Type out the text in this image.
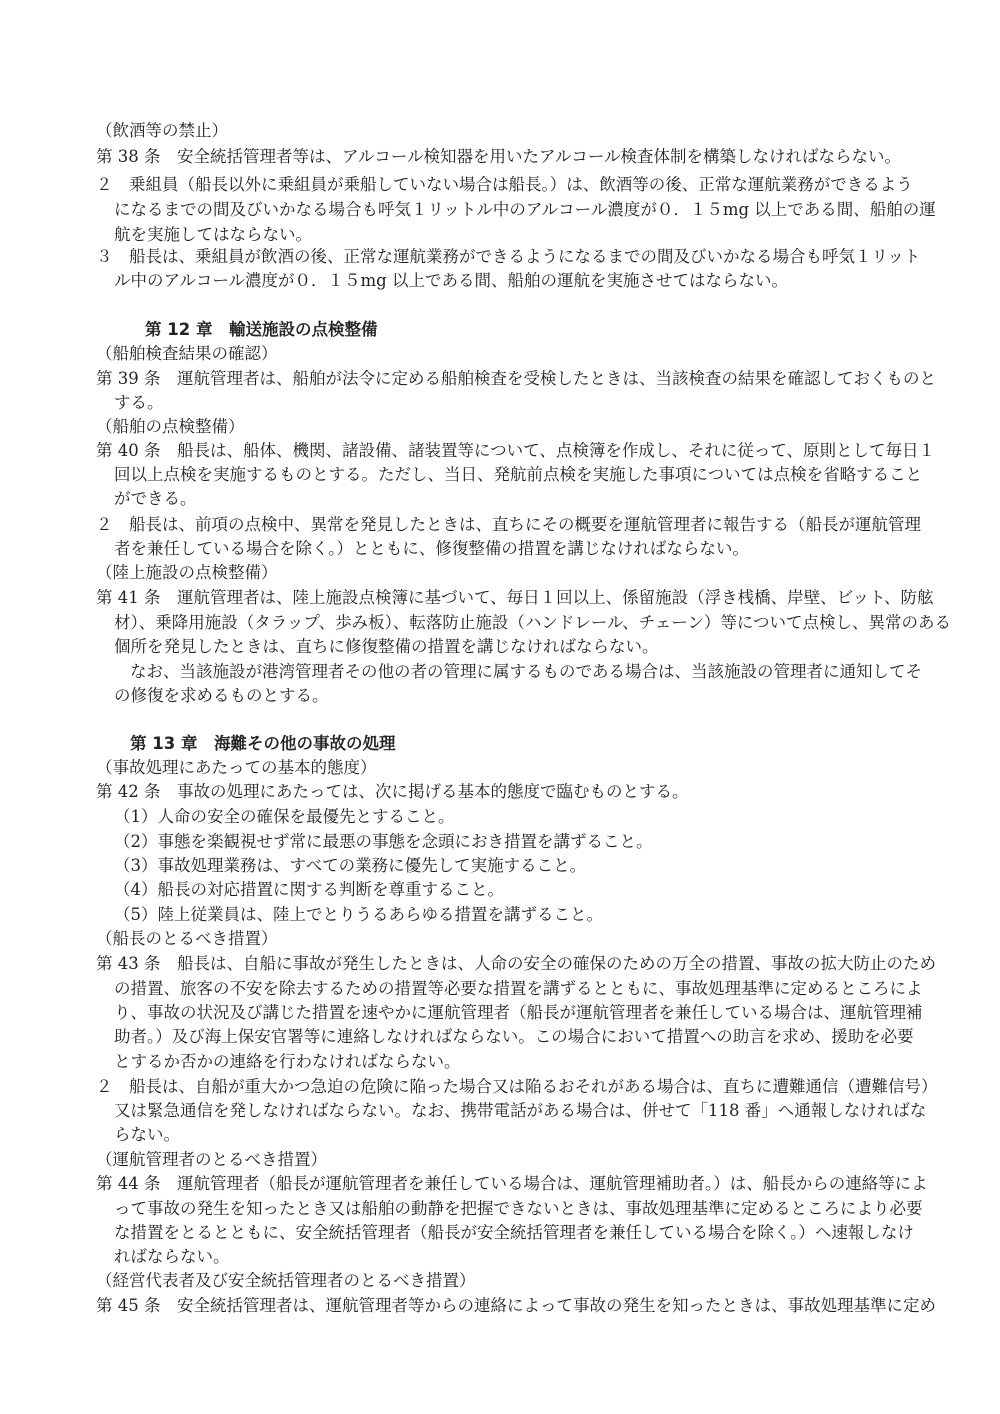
（飲酒等の禁止）
第 38 条　安全統括管理者等は、アルコール検知器を用いたアルコール検査体制を構築しなければならない。
２　乗組員（船長以外に乗組員が乗船していない場合は船長。）は、飲酒等の後、正常な運航業務ができるよう
になるまでの間及びいかなる場合も呼気１リットル中のアルコール濃度が０．１５mg 以上である間、船舶の運
航を実施してはならない。
３　船長は、乗組員が飲酒の後、正常な運航業務ができるようになるまでの間及びいかなる場合も呼気１リット
ル中のアルコール濃度が０．１５mg 以上である間、船舶の運航を実施させてはならない。
第 12 章　輸送施設の点検整備
（船舶検査結果の確認）
第 39 条　運航管理者は、船舶が法令に定める船舶検査を受検したときは、当該検査の結果を確認しておくものと
する。
（船舶の点検整備）
第 40 条　船長は、船体、機関、諸設備、諸装置等について、点検簿を作成し、それに従って、原則として毎日１
回以上点検を実施するものとする。ただし、当日、発航前点検を実施した事項については点検を省略すること
ができる。
２　船長は、前項の点検中、異常を発見したときは、直ちにその概要を運航管理者に報告する（船長が運航管理
者を兼任している場合を除く。）とともに、修復整備の措置を講じなければならない。
（陸上施設の点検整備）
第 41 条　運航管理者は、陸上施設点検簿に基づいて、毎日１回以上、係留施設（浮き桟橋、岸壁、ビット、防舷
材）、乗降用施設（タラップ、歩み板）、転落防止施設（ハンドレール、チェーン）等について点検し、異常のある
個所を発見したときは、直ちに修復整備の措置を講じなければならない。
なお、当該施設が港湾管理者その他の者の管理に属するものである場合は、当該施設の管理者に通知してそ
の修復を求めるものとする。
第 13 章　海難その他の事故の処理
（事故処理にあたっての基本的態度）
第 42 条　事故の処理にあたっては、次に掲げる基本的態度で臨むものとする。
（1）人命の安全の確保を最優先とすること。
（2）事態を楽観視せず常に最悪の事態を念頭におき措置を講ずること。
（3）事故処理業務は、すべての業務に優先して実施すること。
（4）船長の対応措置に関する判断を尊重すること。
（5）陸上従業員は、陸上でとりうるあらゆる措置を講ずること。
（船長のとるべき措置）
第 43 条　船長は、自船に事故が発生したときは、人命の安全の確保のための万全の措置、事故の拡大防止のため
の措置、旅客の不安を除去するための措置等必要な措置を講ずるとともに、事故処理基準に定めるところによ
り、事故の状況及び講じた措置を速やかに運航管理者（船長が運航管理者を兼任している場合は、運航管理補
助者。）及び海上保安官署等に連絡しなければならない。この場合において措置への助言を求め、援助を必要
とするか否かの連絡を行わなければならない。
２　船長は、自船が重大かつ急迫の危険に陥った場合又は陥るおそれがある場合は、直ちに遭難通信（遭難信号）
又は緊急通信を発しなければならない。なお、携帯電話がある場合は、併せて「118 番」へ通報しなければな
らない。
（運航管理者のとるべき措置）
第 44 条　運航管理者（船長が運航管理者を兼任している場合は、運航管理補助者。）は、船長からの連絡等によ
って事故の発生を知ったとき又は船舶の動静を把握できないときは、事故処理基準に定めるところにより必要
な措置をとるとともに、安全統括管理者（船長が安全統括管理者を兼任している場合を除く。）へ速報しなけ
ればならない。
（経営代表者及び安全統括管理者のとるべき措置）
第 45 条　安全統括管理者は、運航管理者等からの連絡によって事故の発生を知ったときは、事故処理基準に定め
